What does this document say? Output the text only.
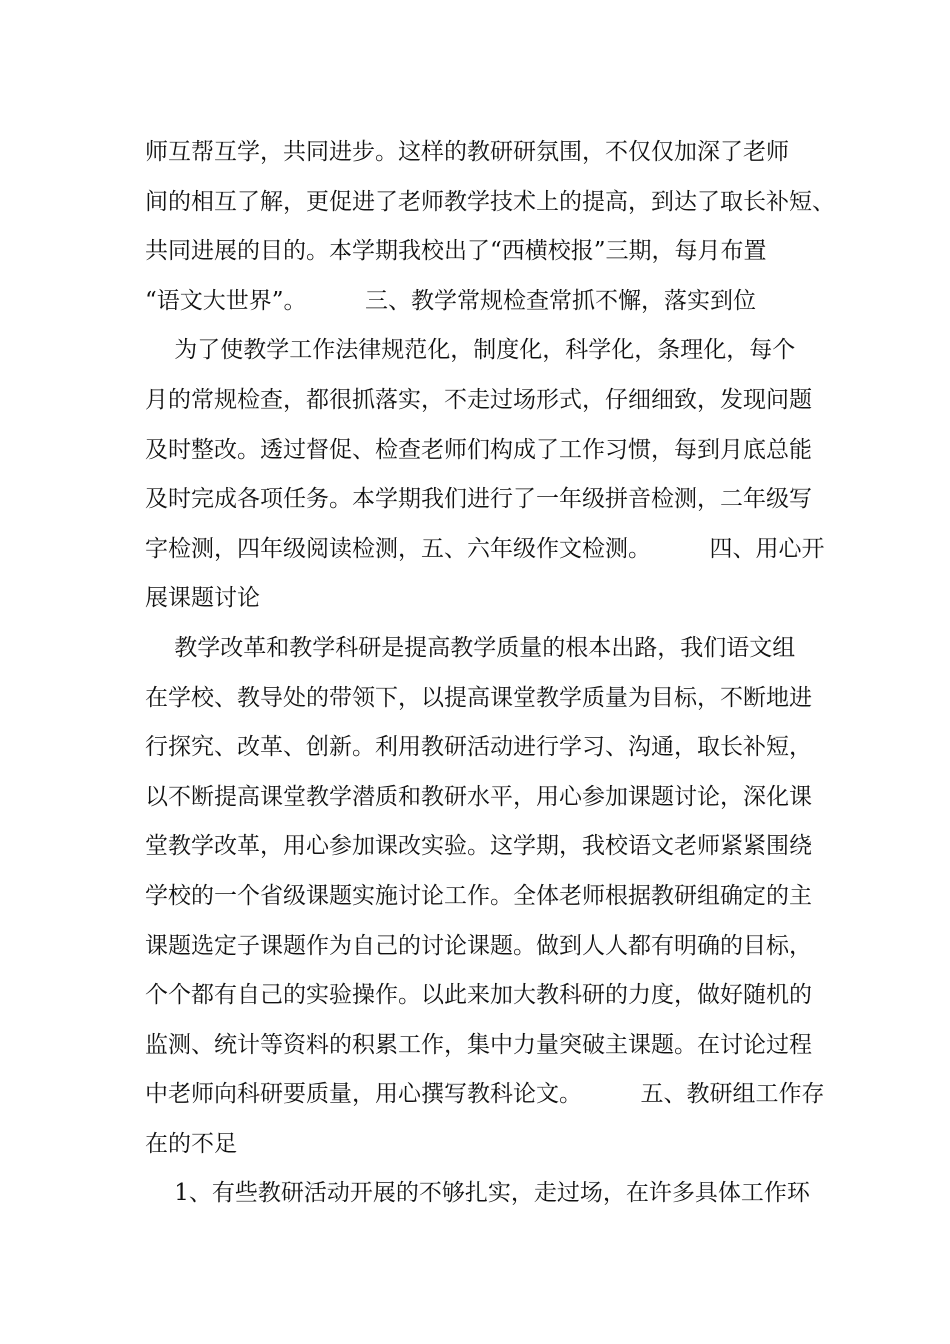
师互帮互学，共同进步。这样的教研研氛围，不仅仅加深了老师
间的相互了解，更促进了老师教学技术上的提高，到达了取长补短、
共同进展的目的。本学期我校出了“西横校报”三期，每月布置
“语文大世界”。        三、教学常规检查常抓不懈，落实到位
为了使教学工作法律规范化，制度化，科学化，条理化，每个
月的常规检查，都很抓落实，不走过场形式，仔细细致，发现问题
及时整改。透过督促、检查老师们构成了工作习惯，每到月底总能
及时完成各项任务。本学期我们进行了一年级拼音检测，二年级写
字检测，四年级阅读检测，五、六年级作文检测。        四、用心开
展课题讨论
教学改革和教学科研是提高教学质量的根本出路，我们语文组
在学校、教导处的带领下，以提高课堂教学质量为目标，不断地进
行探究、改革、创新。利用教研活动进行学习、沟通，取长补短，
以不断提高课堂教学潜质和教研水平，用心参加课题讨论，深化课
堂教学改革，用心参加课改实验。这学期，我校语文老师紧紧围绕
学校的一个省级课题实施讨论工作。全体老师根据教研组确定的主
课题选定子课题作为自己的讨论课题。做到人人都有明确的目标，
个个都有自己的实验操作。以此来加大教科研的力度，做好随机的
监测、统计等资料的积累工作，集中力量突破主课题。在讨论过程
中老师向科研要质量，用心撰写教科论文。        五、教研组工作存
在的不足
1、有些教研活动开展的不够扎实，走过场，在许多具体工作环
